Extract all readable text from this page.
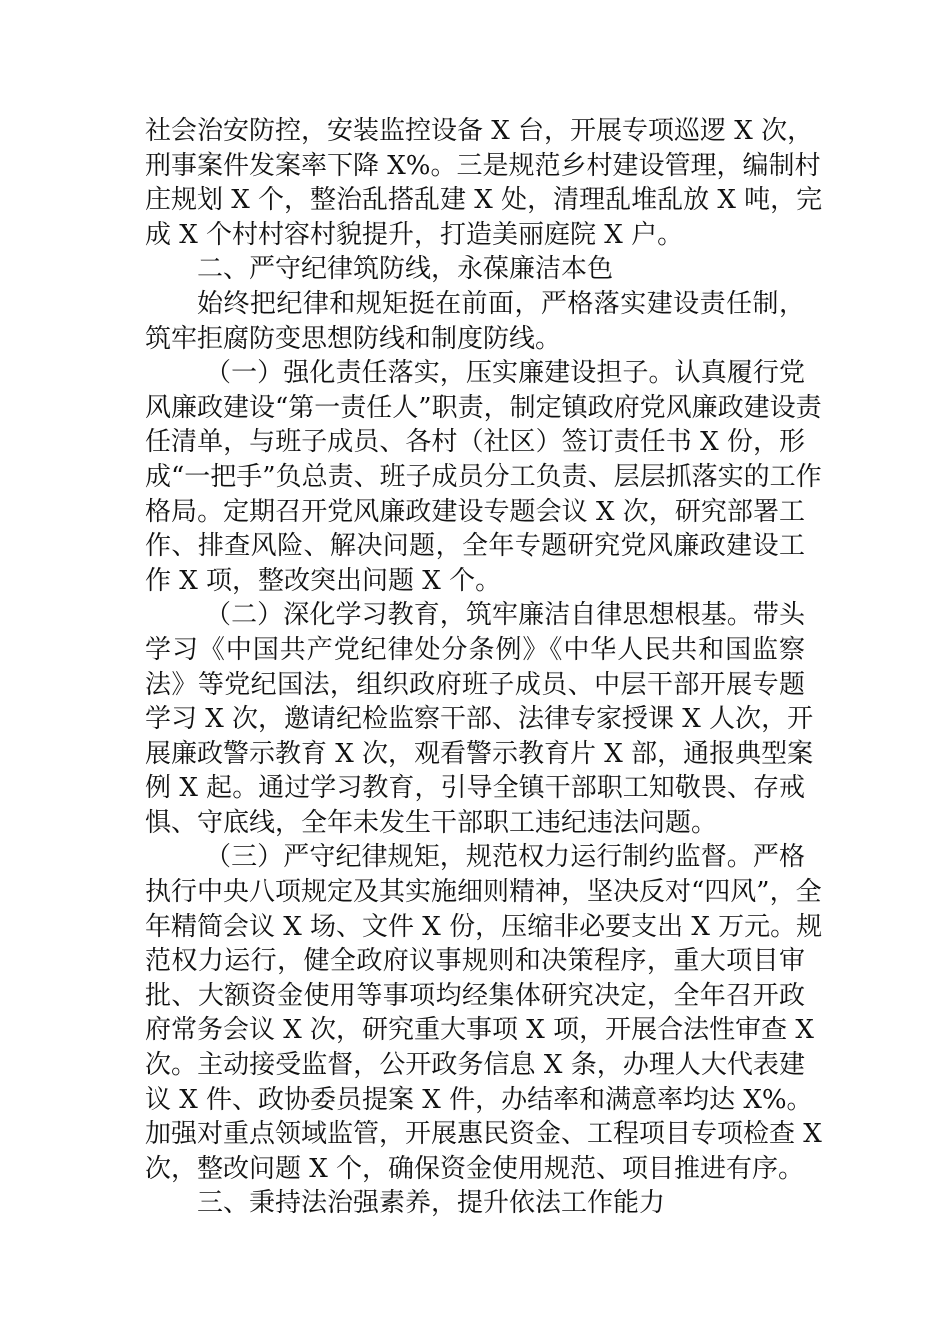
社会治安防控，安装监控设备 X 台，开展专项巡逻 X 次，
刑事案件发案率下降 X%。三是规范乡村建设管理，编制村
庄规划 X 个，整治乱搭乱建 X 处，清理乱堆乱放 X 吨，完
成 X 个村村容村貌提升，打造美丽庭院 X 户。
二、严守纪律筑防线，永葆廉洁本色
始终把纪律和规矩挺在前面，严格落实建设责任制，
筑牢拒腐防变思想防线和制度防线。
（一）强化责任落实，压实廉建设担子。认真履行党
风廉政建设“第一责任人”职责，制定镇政府党风廉政建设责
任清单，与班子成员、各村（社区）签订责任书 X 份，形
成“一把手”负总责、班子成员分工负责、层层抓落实的工作
格局。定期召开党风廉政建设专题会议 X 次，研究部署工
作、排查风险、解决问题，全年专题研究党风廉政建设工
作 X 项，整改突出问题 X 个。
（二）深化学习教育，筑牢廉洁自律思想根基。带头
学习《中国共产党纪律处分条例》《中华人民共和国监察
法》等党纪国法，组织政府班子成员、中层干部开展专题
学习 X 次，邀请纪检监察干部、法律专家授课 X 人次，开
展廉政警示教育 X 次，观看警示教育片 X 部，通报典型案
例 X 起。通过学习教育，引导全镇干部职工知敬畏、存戒
惧、守底线，全年未发生干部职工违纪违法问题。
（三）严守纪律规矩，规范权力运行制约监督。严格
执行中央八项规定及其实施细则精神，坚决反对“四风”，全
年精简会议 X 场、文件 X 份，压缩非必要支出 X 万元。规
范权力运行，健全政府议事规则和决策程序，重大项目审
批、大额资金使用等事项均经集体研究决定，全年召开政
府常务会议 X 次，研究重大事项 X 项，开展合法性审查 X
次。主动接受监督，公开政务信息 X 条，办理人大代表建
议 X 件、政协委员提案 X 件，办结率和满意率均达 X%。
加强对重点领域监管，开展惠民资金、工程项目专项检查 X
次，整改问题 X 个，确保资金使用规范、项目推进有序。
三、秉持法治强素养，提升依法工作能力
